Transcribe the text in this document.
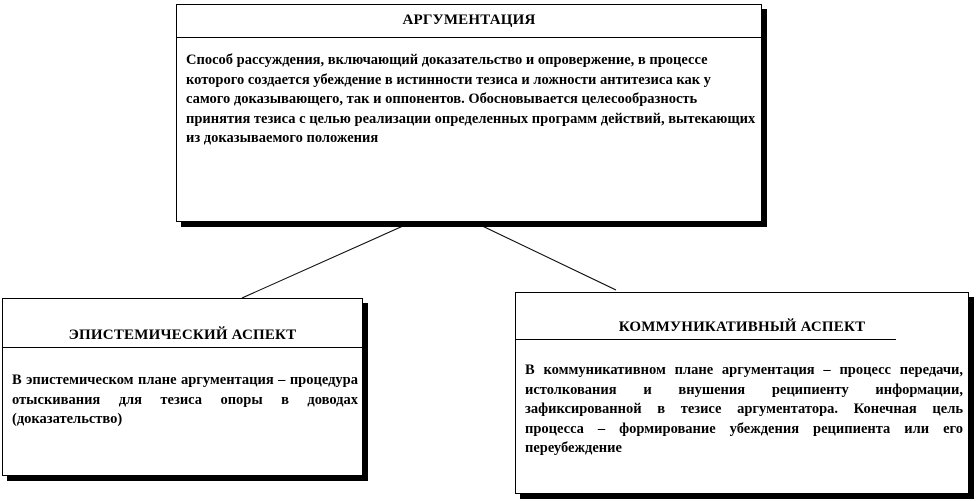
АРГУМЕНТАЦИЯ
Способ рассуждения, включающий доказательство и опровержение, в процессе которого создается убеждение в истинности тезиса и ложности антитезиса как у самого доказывающего, так и оппонентов. Обосновывается целесообразность принятия тезиса с целью реализации определенных программ действий, вытекающих из доказываемого положения
ЭПИСТЕМИЧЕСКИЙ АСПЕКТ
В эпистемическом плане аргументация – процедура отыскивания для тезиса опоры в доводах (доказательство)
КОММУНИКАТИВНЫЙ АСПЕКТ
В коммуникативном плане аргументация – процесс передачи, истолкования и внушения реципиенту информации, зафиксированной в тезисе аргументатора. Конечная цель процесса – формирование убеждения реципиента или его переубеждение
